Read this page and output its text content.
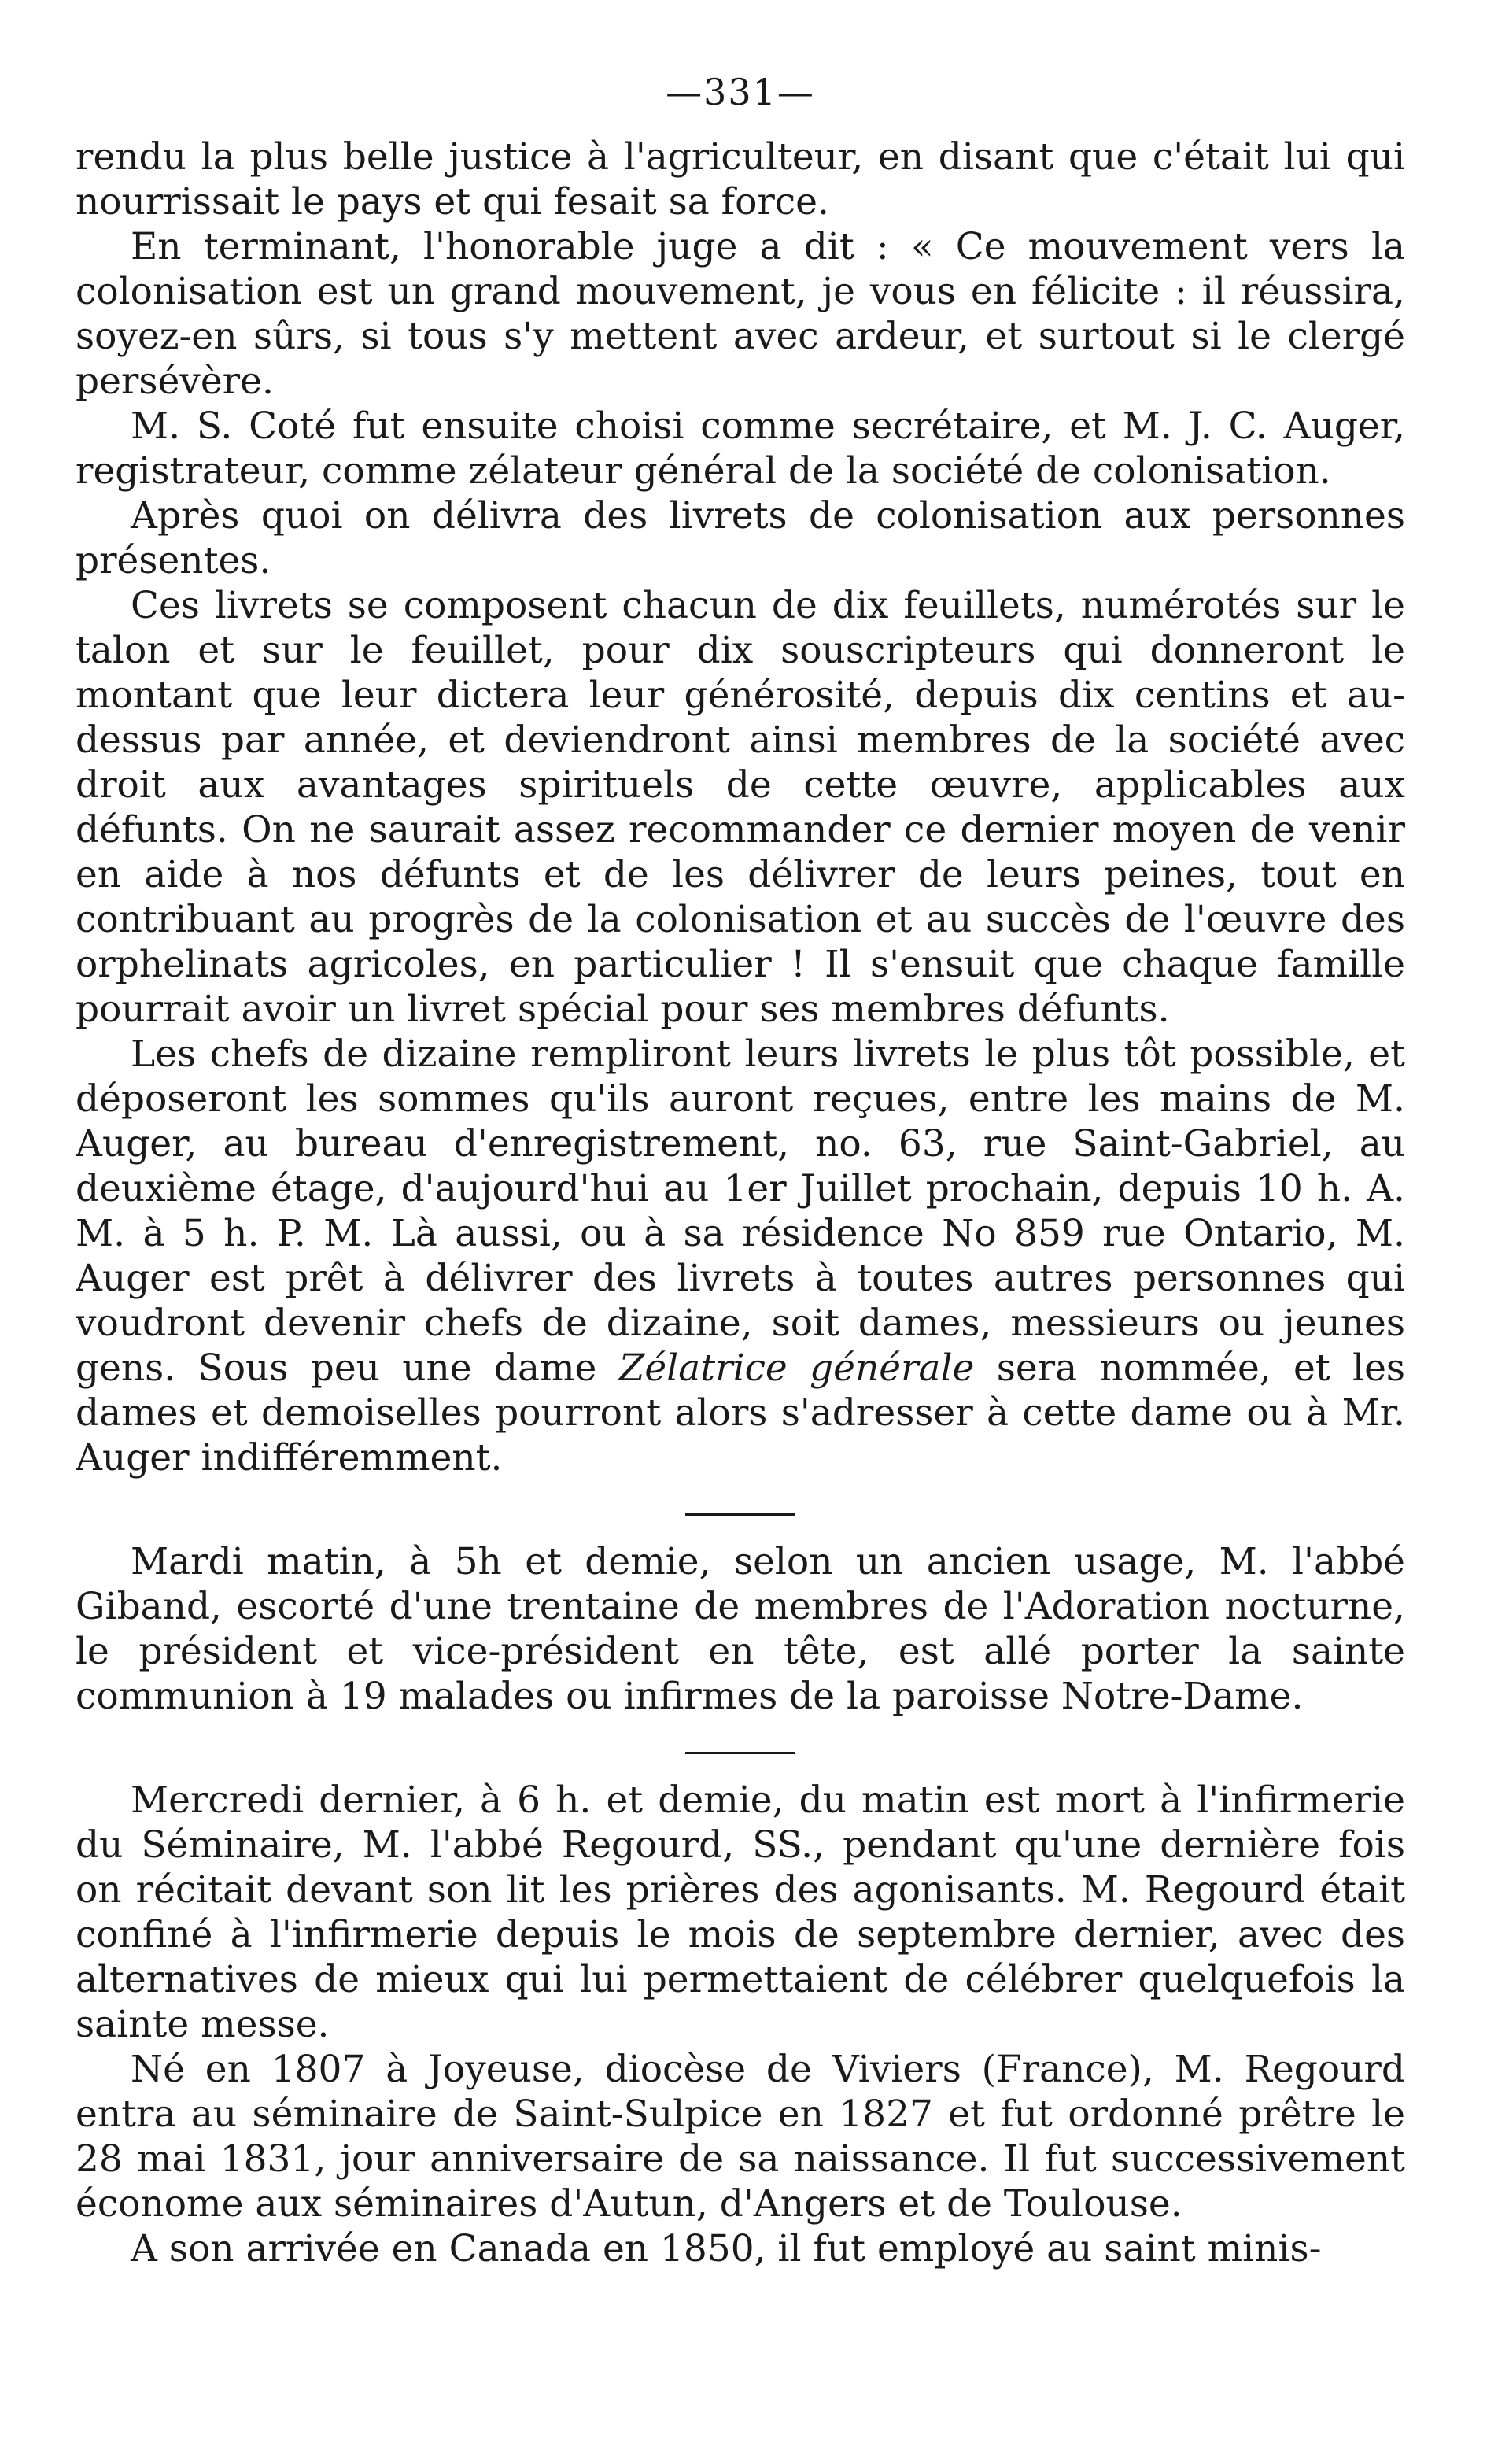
—331—

rendu la plus belle justice à l'agriculteur, en disant que c'était lui qui nourrissait le pays et qui fesait sa force.

En terminant, l'honorable juge a dit : « Ce mouvement vers la colonisation est un grand mouvement, je vous en félicite : il réussira, soyez-en sûrs, si tous s'y mettent avec ardeur, et surtout si le clergé persévère.

M. S. Coté fut ensuite choisi comme secrétaire, et M. J. C. Auger, registrateur, comme zélateur général de la société de colonisation.

Après quoi on délivra des livrets de colonisation aux personnes présentes.

Ces livrets se composent chacun de dix feuillets, numérotés sur le talon et sur le feuillet, pour dix souscripteurs qui donneront le montant que leur dictera leur générosité, depuis dix centins et au-dessus par année, et deviendront ainsi membres de la société avec droit aux avantages spirituels de cette œuvre, applicables aux défunts. On ne saurait assez recommander ce dernier moyen de venir en aide à nos défunts et de les délivrer de leurs peines, tout en contribuant au progrès de la colonisation et au succès de l'œuvre des orphelinats agricoles, en particulier ! Il s'ensuit que chaque famille pourrait avoir un livret spécial pour ses membres défunts.

Les chefs de dizaine rempliront leurs livrets le plus tôt possible, et déposeront les sommes qu'ils auront reçues, entre les mains de M. Auger, au bureau d'enregistrement, no. 63, rue Saint-Gabriel, au deuxième étage, d'aujourd'hui au 1er Juillet prochain, depuis 10 h. A. M. à 5 h. P. M. Là aussi, ou à sa résidence No 859 rue Ontario, M. Auger est prêt à délivrer des livrets à toutes autres personnes qui voudront devenir chefs de dizaine, soit dames, messieurs ou jeunes gens. Sous peu une dame Zélatrice générale sera nommée, et les dames et demoiselles pourront alors s'adresser à cette dame ou à Mr. Auger indifféremment.

Mardi matin, à 5h et demie, selon un ancien usage, M. l'abbé Giband, escorté d'une trentaine de membres de l'Adoration nocturne, le président et vice-président en tête, est allé porter la sainte communion à 19 malades ou infirmes de la paroisse Notre-Dame.

Mercredi dernier, à 6 h. et demie, du matin est mort à l'infirmerie du Séminaire, M. l'abbé Regourd, SS., pendant qu'une dernière fois on récitait devant son lit les prières des agonisants. M. Regourd était confiné à l'infirmerie depuis le mois de septembre dernier, avec des alternatives de mieux qui lui permettaient de célébrer quelquefois la sainte messe.

Né en 1807 à Joyeuse, diocèse de Viviers (France), M. Regourd entra au séminaire de Saint-Sulpice en 1827 et fut ordonné prêtre le 28 mai 1831, jour anniversaire de sa naissance. Il fut successivement économe aux séminaires d'Autun, d'Angers et de Toulouse.

A son arrivée en Canada en 1850, il fut employé au saint minis-
